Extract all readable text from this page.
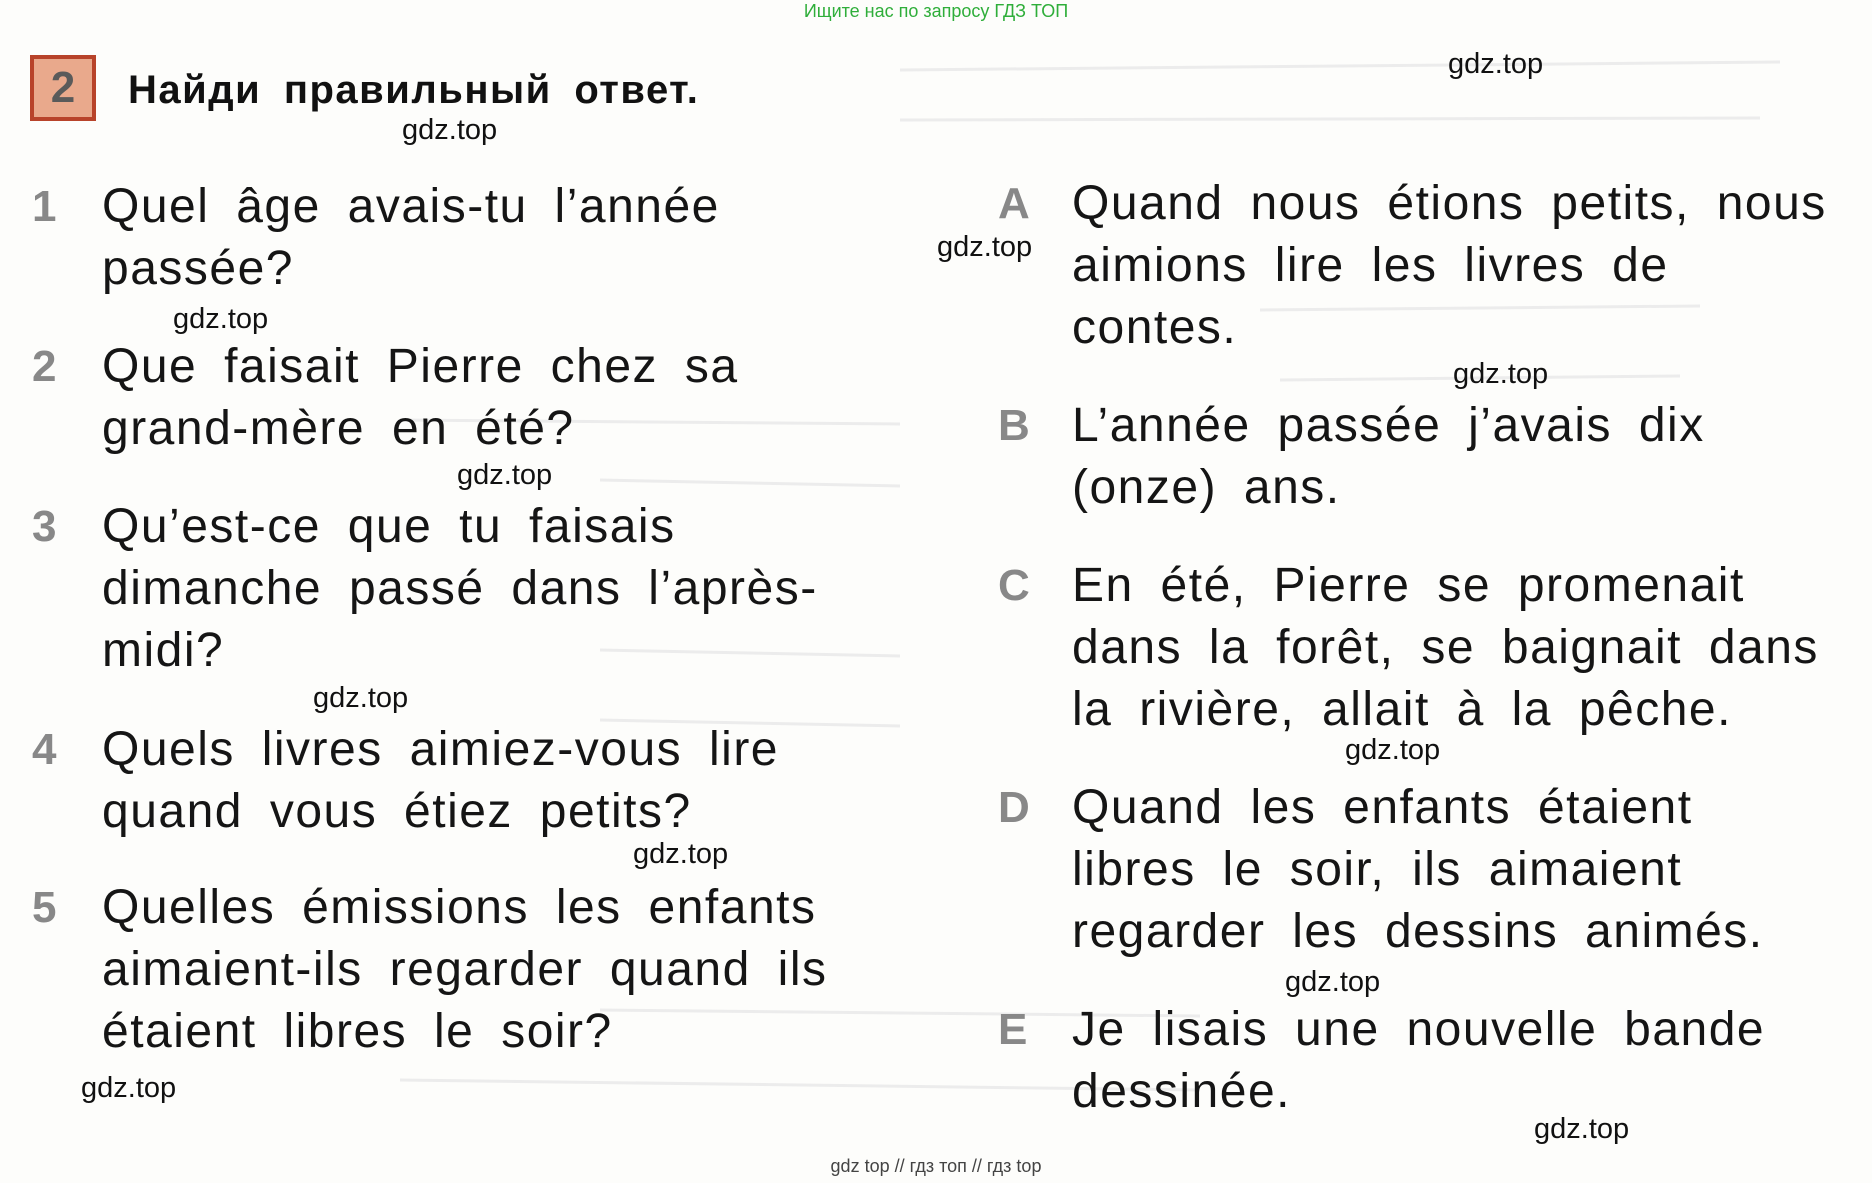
Ищите нас по запросу ГДЗ ТОП
2	Найди правильный ответ.
1 Quel âge avais-tu l’année passée?
2 Que faisait Pierre chez sa grand-mère en été?
3 Qu’est-ce que tu faisais dimanche passé dans l’après-midi?
4 Quels livres aimiez-vous lire quand vous étiez petits?
5 Quelles émissions les enfants aimaient-ils regarder quand ils étaient libres le soir?
A Quand nous étions petits, nous aimions lire les livres de contes.
B L’année passée j’avais dix (onze) ans.
C En été, Pierre se promenait dans la forêt, se baignait dans la rivière, allait à la pêche.
D Quand les enfants étaient libres le soir, ils aimaient regarder les dessins animés.
E Je lisais une nouvelle bande dessinée.
gdz.top
gdz.top
gdz.top
gdz.top
gdz.top
gdz.top
gdz.top
gdz.top
gdz.top
gdz.top
gdz.top
gdz.top
gdz top // гдз топ // гдз top
